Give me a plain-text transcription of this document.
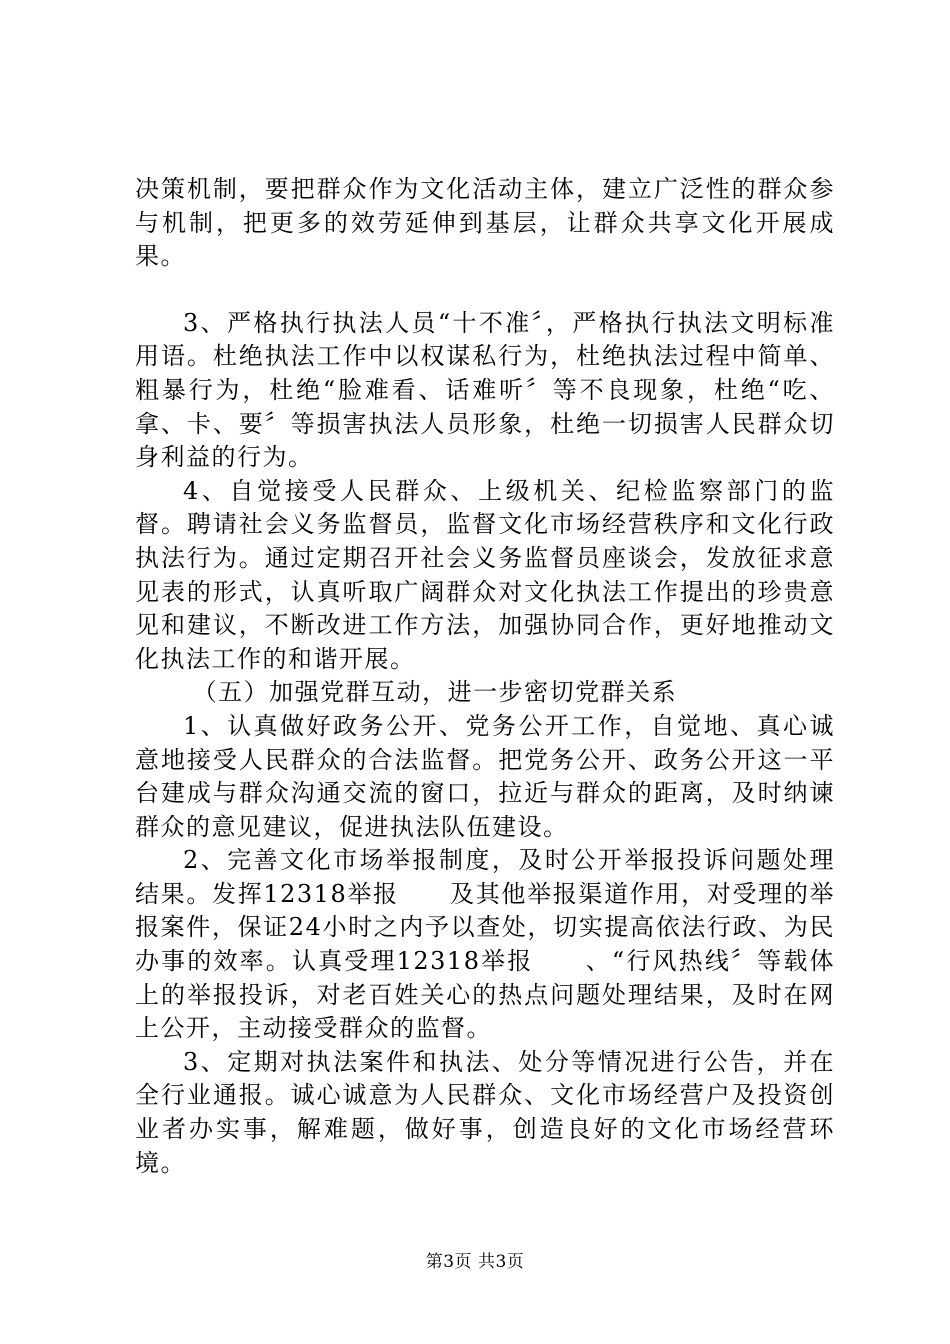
决策机制，要把群众作为文化活动主体，建立广泛性的群众参与机制，把更多的效劳延伸到基层，让群众共享文化开展成果。

3、严格执行执法人员“十不准〞，严格执行执法文明标准用语。杜绝执法工作中以权谋私行为，杜绝执法过程中简单、粗暴行为，杜绝“脸难看、话难听〞等不良现象，杜绝“吃、拿、卡、要〞等损害执法人员形象，杜绝一切损害人民群众切身利益的行为。

4、自觉接受人民群众、上级机关、纪检监察部门的监督。聘请社会义务监督员，监督文化市场经营秩序和文化行政执法行为。通过定期召开社会义务监督员座谈会，发放征求意见表的形式，认真听取广阔群众对文化执法工作提出的珍贵意见和建议，不断改进工作方法，加强协同合作，更好地推动文化执法工作的和谐开展。

（五）加强党群互动，进一步密切党群关系

1、认真做好政务公开、党务公开工作，自觉地、真心诚意地接受人民群众的合法监督。把党务公开、政务公开这一平台建成与群众沟通交流的窗口，拉近与群众的距离，及时纳谏群众的意见建议，促进执法队伍建设。

2、完善文化市场举报制度，及时公开举报投诉问题处理结果。发挥12318举报　　及其他举报渠道作用，对受理的举报案件，保证24小时之内予以查处，切实提高依法行政、为民办事的效率。认真受理12318举报　　、“行风热线〞等载体上的举报投诉，对老百姓关心的热点问题处理结果，及时在网上公开，主动接受群众的监督。

3、定期对执法案件和执法、处分等情况进行公告，并在全行业通报。诚心诚意为人民群众、文化市场经营户及投资创业者办实事，解难题，做好事，创造良好的文化市场经营环境。

第3页 共3页
